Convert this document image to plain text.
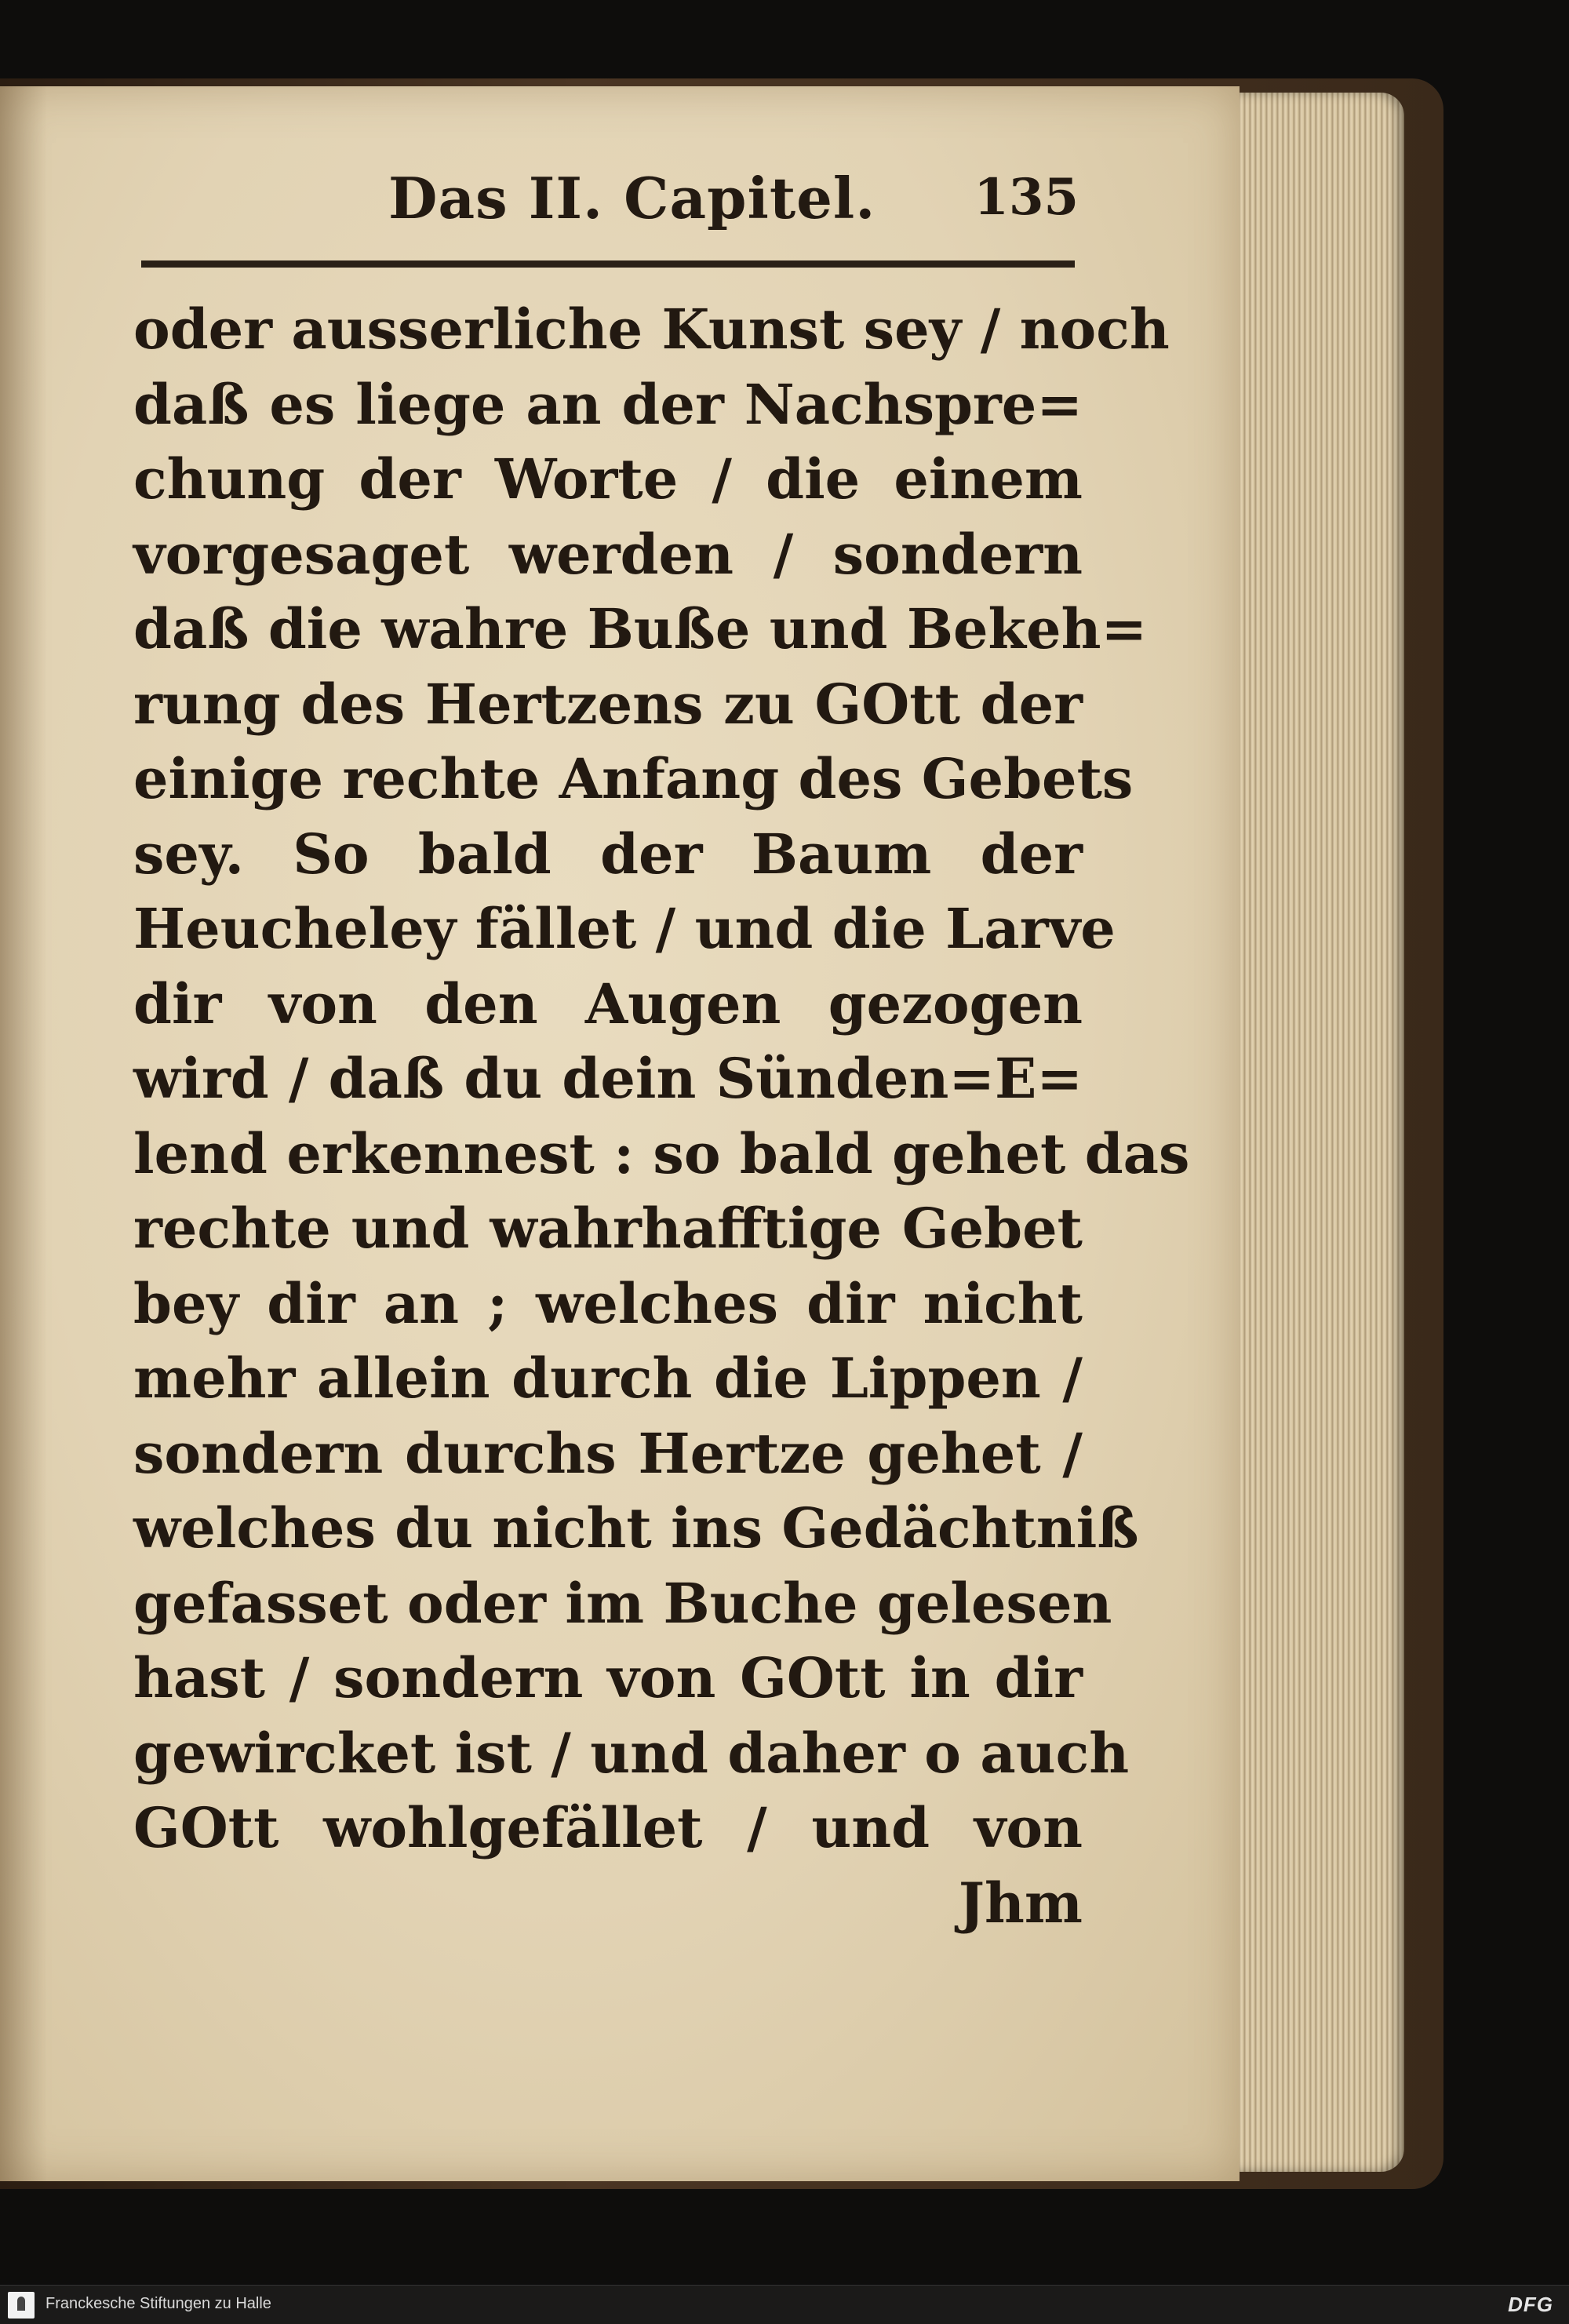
Das II. Capitel. 135
oder ausserliche Kunst sey / noch
daß es liege an der Nachspre=
chung der Worte / die einem
vorgesaget werden / sondern
daß die wahre Buße und Bekeh=
rung des Hertzens zu GOtt der
einige rechte Anfang des Gebets
sey. So bald der Baum der
Heucheley fället / und die Larve
dir von den Augen gezogen
wird / daß du dein Sünden=E=
lend erkennest : so bald gehet das
rechte und wahrhafftige Gebet
bey dir an ; welches dir nicht
mehr allein durch die Lippen /
sondern durchs Hertze gehet /
welches du nicht ins Gedächtniß
gefasset oder im Buche gelesen
hast / sondern von GOtt in dir
gewircket ist / und daher o auch
GOtt wohlgefället / und von
Jhm
Franckesche Stiftungen zu Halle	DFG
